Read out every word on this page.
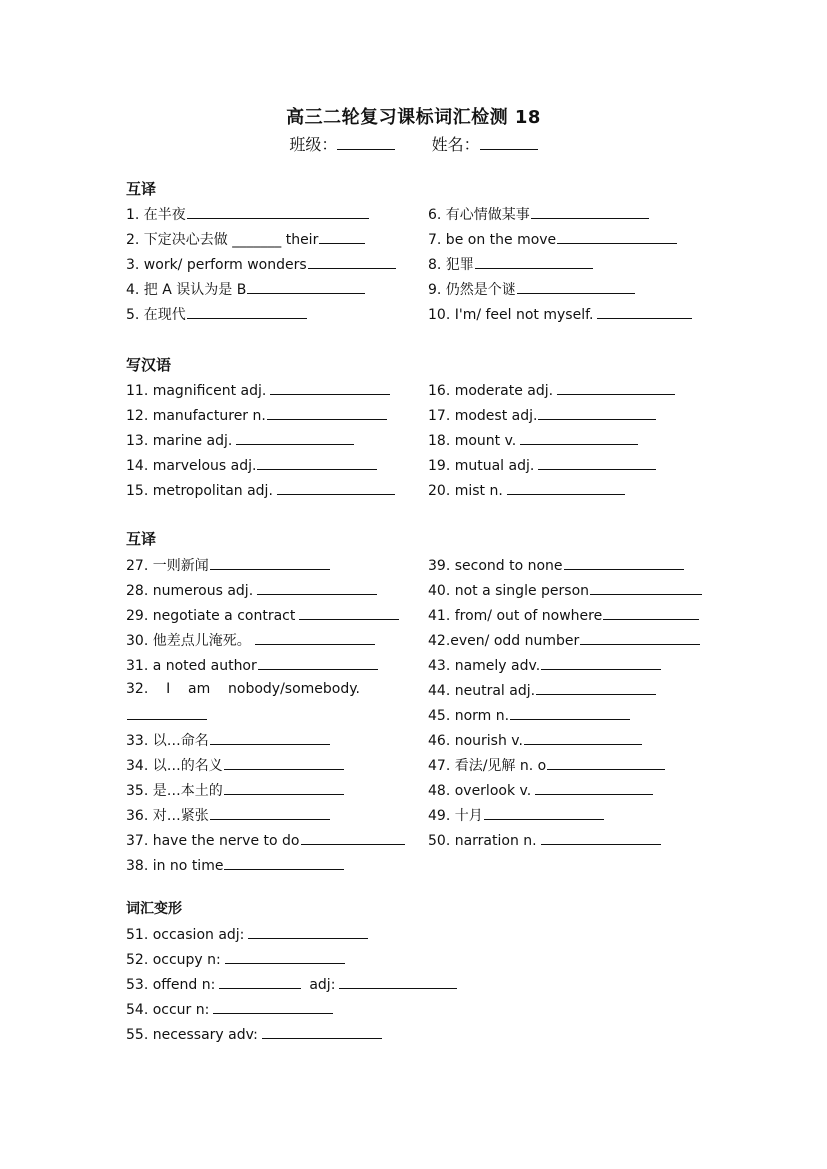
高三二轮复习课标词汇检测 18
班级：	姓名：
互译
1. 在半夜
2. 下定决心去做 _______ their
3. work/ perform wonders
4. 把 A 误认为是 B
5. 在现代
6. 有心情做某事
7. be on the move
8. 犯罪
9. 仍然是个谜
10. I'm/ feel not myself.
写汉语
11. magnificent adj.
12. manufacturer n.
13. marine adj.
14. marvelous adj.
15. metropolitan adj.
16. moderate adj.
17. modest adj.
18. mount v.
19. mutual adj.
20. mist n.
互译
27. 一则新闻
28. numerous adj.
29. negotiate a contract
30. 他差点儿淹死。
31. a noted author
32.    I    am    nobody/somebody.
33. 以…命名
34. 以…的名义
35. 是…本土的
36. 对…紧张
37. have the nerve to do
38. in no time
39. second to none
40. not a single person
41. from/ out of nowhere
42.even/ odd number
43. namely adv.
44. neutral adj.
45. norm n.
46. nourish v.
47. 看法/见解 n. o
48. overlook v.
49. 十月
50. narration n.
词汇变形
51. occasion adj:
52. occupy n:
53. offend n:	adj:
54. occur n:
55. necessary adv:
